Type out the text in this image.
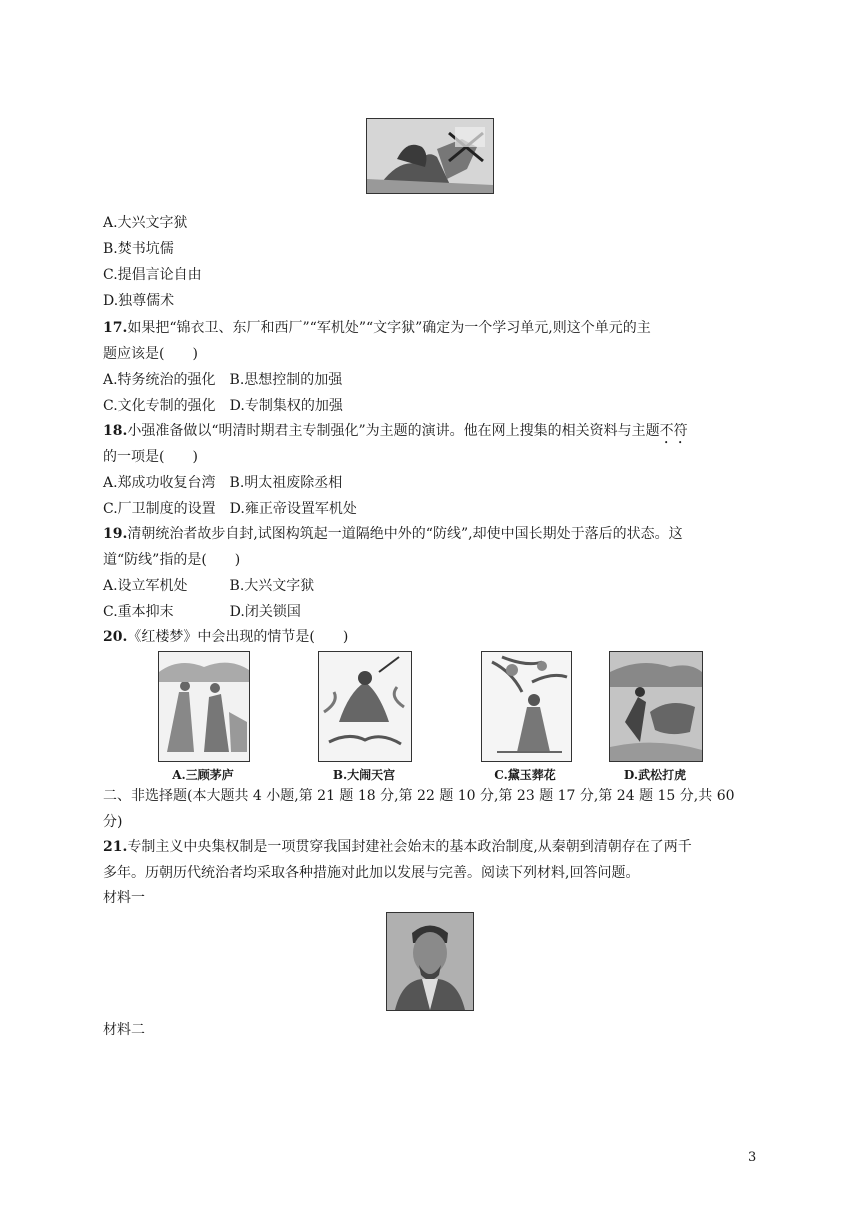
A.大兴文字狱
B.焚书坑儒
C.提倡言论自由
D.独尊儒术
17.如果把“锦衣卫、东厂和西厂”“军机处”“文字狱”确定为一个学习单元,则这个单元的主
题应该是(　　)
A.特务统治的强化　B.思想控制的加强
C.文化专制的强化　D.专制集权的加强
18.小强准备做以“明清时期君主专制强化”为主题的演讲。他在网上搜集的相关资料与主题不符
的一项是(　　)
A.郑成功收复台湾　B.明太祖废除丞相
C.厂卫制度的设置　D.雍正帝设置军机处
19.清朝统治者故步自封,试图构筑起一道隔绝中外的“防线”,却使中国长期处于落后的状态。这
道“防线”指的是(　　)
A.设立军机处　　　B.大兴文字狱
C.重本抑末　　　　D.闭关锁国
20.《红楼梦》中会出现的情节是(　　)
A.三顾茅庐	B.大闹天宫	C.黛玉葬花	D.武松打虎
二、非选择题(本大题共 4 小题,第 21 题 18 分,第 22 题 10 分,第 23 题 17 分,第 24 题 15 分,共 60
分)
21.专制主义中央集权制是一项贯穿我国封建社会始末的基本政治制度,从秦朝到清朝存在了两千
多年。历朝历代统治者均采取各种措施对此加以发展与完善。阅读下列材料,回答问题。
材料一
材料二
3
